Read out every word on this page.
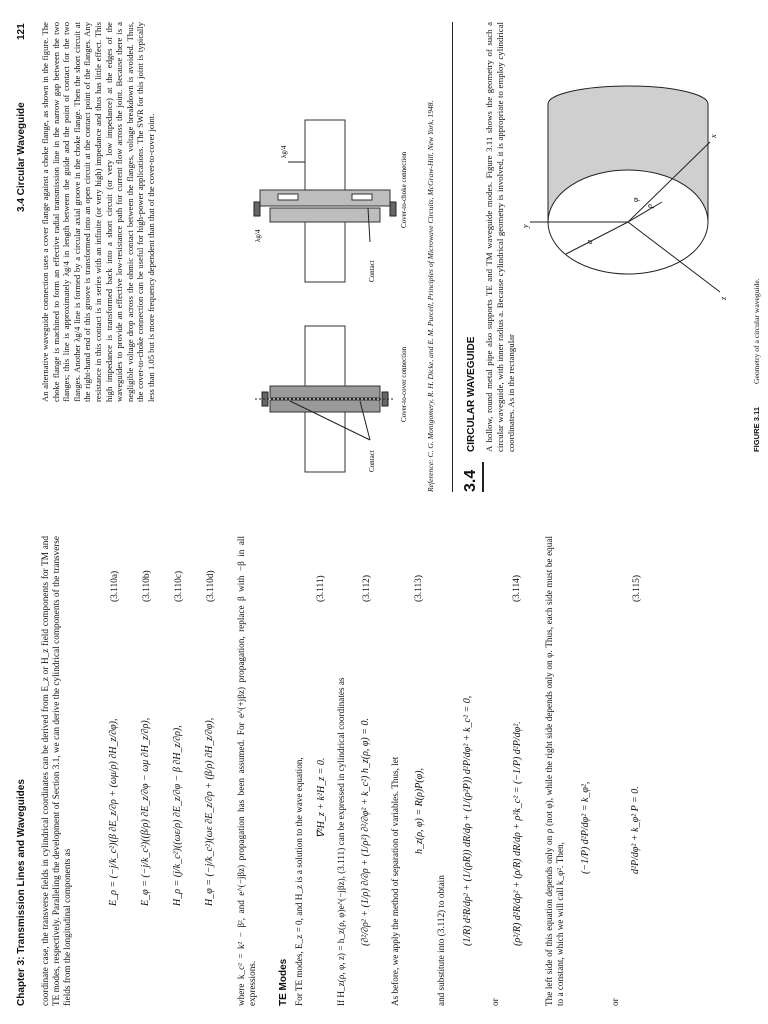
Chapter 3: Transmission Lines and Waveguides coordinate case, the transverse fields in cylindrical coordinates can be derived from E_z or H_z field components for TM and TE modes, respectively. Paralleling the development of Section 3.1, we can derive the cylindrical components of the transverse fields from the longitudinal components as
E_ρ = (−j/k_c²)(β ∂E_z/∂ρ + (ωμ/ρ) ∂H_z/∂φ),
(3.110a)
E_φ = (−j/k_c²)((β/ρ) ∂E_z/∂φ − ωμ ∂H_z/∂ρ),
(3.110b)
H_ρ = (j/k_c²)((ωε/ρ) ∂E_z/∂φ − β ∂H_z/∂ρ),
(3.110c)
H_φ = (−j/k_c²)(ωε ∂E_z/∂ρ + (β/ρ) ∂H_z/∂φ),
(3.110d) where k_c² = k² − β², and e^(−jβz) propagation has been assumed. For e^(+jβz) propagation, replace β with −β in all expressions. TE Modes For TE modes, E_z = 0, and H_z is a solution to the wave equation, ∇²H_z + k²H_z = 0.
(3.111)
If H_z(ρ, φ, z) = h_z(ρ, φ)e^(−jβz), (3.111) can be expressed in cylindrical coordinates as (∂²/∂ρ² + (1/ρ) ∂/∂ρ + (1/ρ²) ∂²/∂φ² + k_c²) h_z(ρ, φ) = 0.
(3.112)
As before, we apply the method of separation of variables. Thus, let h_z(ρ, φ) = R(ρ)P(φ),
(3.113)
and substitute into (3.112) to obtain (1/R) d²R/dρ² + (1/(ρR)) dR/dρ + (1/(ρ²P)) d²P/dφ² + k_c² = 0,
or
(ρ²/R) d²R/dρ² + (ρ/R) dR/dρ + ρ²k_c² = (−1/P) d²P/dφ².
(3.114) The left side of this equation depends only on ρ (not φ), while the right side depends only on φ. Thus, each side must be equal to a constant, which we will call k_φ². Then,
(−1/P) d²P/dφ² = k_φ²,
or
d²P/dφ² + k_φ² P = 0.
(3.115)
3.4 Circular Waveguide
121 An alternative waveguide connection uses a cover flange against a choke flange, as shown in the figure. The choke flange is machined to form an effective radial transmission line in the narrow gap between the two flanges; this line is approximately λg/4 in length between the guide and the point of contact for the two flanges. Another λg/4 line is formed by a circular axial groove in the choke flange. Then the short circuit at the right-hand end of this groove is transformed into an open circuit at the contact point of the flanges. Any resistance in this contact is in series with an infinite (or very high) impedance and thus has little effect. This high impedance is transformed back into a short circuit (or very low impedance) at the edges of the waveguides to provide an effective low-resistance path for current flow across the joint. Because there is a negligible voltage drop across the ohmic contact between the flanges, voltage breakdown is avoided. Thus, the cover-to-choke connection can be useful for high-power applications. The SWR for this joint is typically less than 1.05 but is more frequency dependent than that of the cover-to-cover joint.
Contact
Cover-to-cover connection
Contact
Cover-to-choke connection
λg/4
λg/4	Reference: C. G. Montgomery, R. H. Dicke, and E. M. Purcell, Principles of Microwave Circuits, McGraw-Hill, New York, 1948. 3.4
CIRCULAR WAVEGUIDE A hollow, round metal pipe also supports TE and TM waveguide modes. Figure 3.11 shows the geometry of such a circular waveguide, with inner radius a. Because cylindrical geometry is involved, it is appropriate to employ cylindrical coordinates. As in the rectangular
y
x
z
a
ρ
φ
FIGURE 3.11
Geometry of a circular waveguide.
